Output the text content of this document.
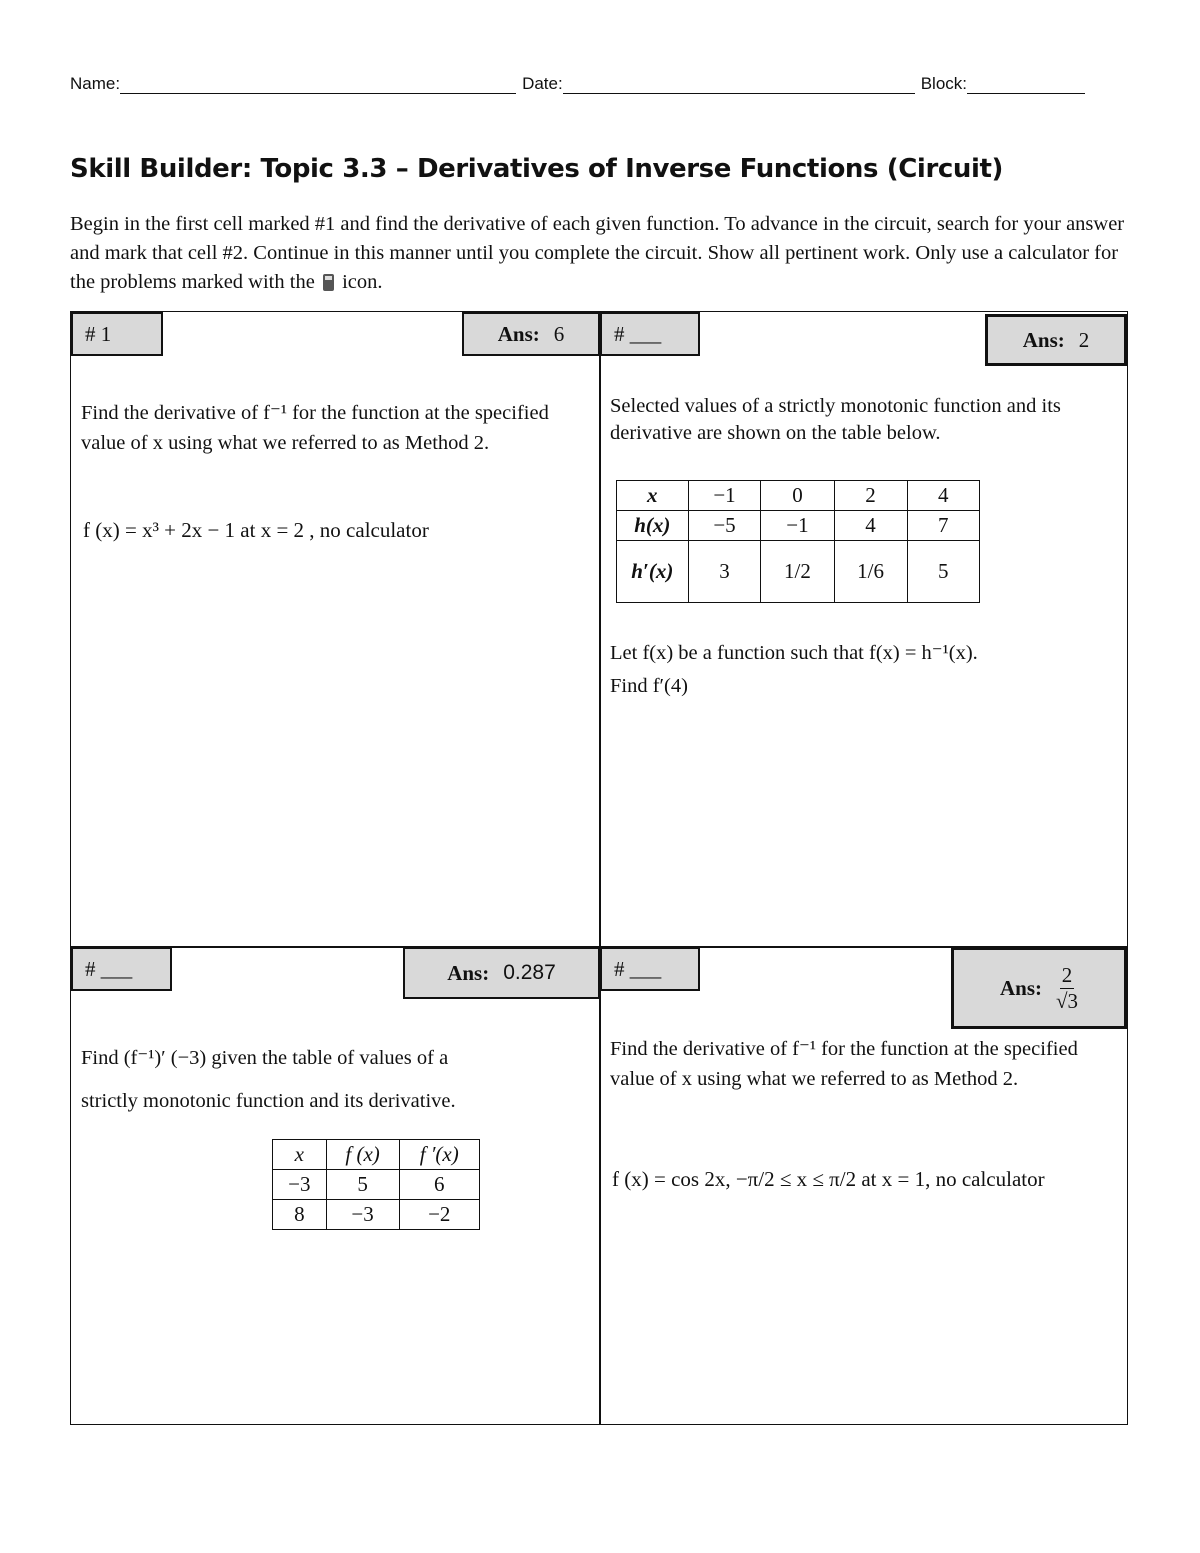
Name:	Date:	Block:
Skill Builder: Topic 3.3 – Derivatives of Inverse Functions (Circuit)
Begin in the first cell marked #1 and find the derivative of each given function. To advance in the circuit, search for your answer and mark that cell #2. Continue in this manner until you complete the circuit. Show all pertinent work. Only use a calculator for the problems marked with the icon.
# 1	Ans: 6
Find the derivative of f⁻¹ for the function at the specified value of x using what we referred to as Method 2.
f (x) = x³ + 2x − 1 at x = 2 , no calculator
# ___	Ans: 2
Selected values of a strictly monotonic function and its derivative are shown on the table below.
x	−1	0	2	4
h(x)	−5	−1	4	7
h′(x)	3	1/2	1/6	5
Let f(x) be a function such that f(x) = h⁻¹(x).
Find f′(4)
# ___	Ans: 0.287
Find (f⁻¹)′ (−3) given the table of values of a
strictly monotonic function and its derivative.
x	f (x)	f ′(x)
−3	5	6
8	−3	−2
# ___
Ans: $\frac{2}{√3}$
Find the derivative of f⁻¹ for the function at the specified value of x using what we referred to as Method 2.
f (x) = cos 2x, −π/2 ≤ x ≤ π/2 at x = 1, no calculator
